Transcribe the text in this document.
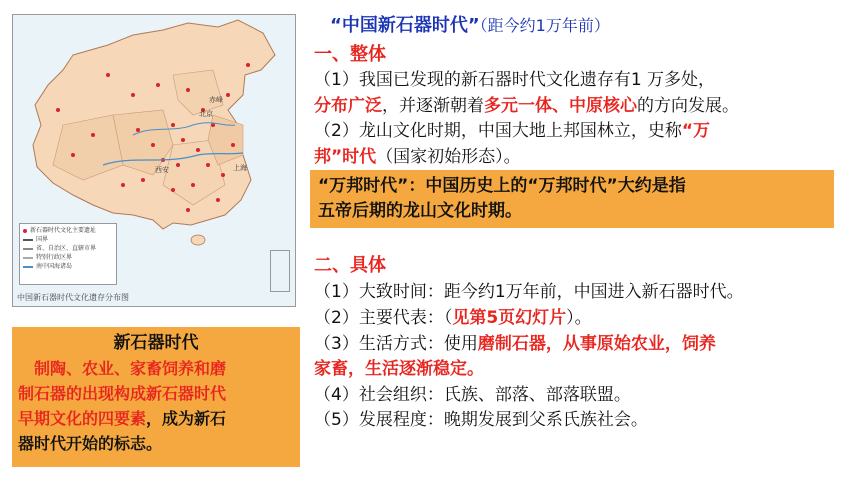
赤峰
北京
西安	上海
新石器时代文化主要遗址
国界
省、自治区、直辖市界
特别行政区界
南中国海诸岛
中国新石器时代文化遗存分布图
“中国新石器时代”（距今约1万年前）
一、整体
（1）我国已发现的新石器时代文化遗存有1 万多处，
分布广泛，并逐渐朝着多元一体、中原核心的方向发展。
（2）龙山文化时期，中国大地上邦国林立，史称“万
邦”时代（国家初始形态）。
“万邦时代”：中国历史上的“万邦时代”大约是指
五帝后期的龙山文化时期。
二、具体
（1）大致时间：距今约1万年前，中国进入新石器时代。
（2）主要代表：（见第5页幻灯片）。
（3）生活方式：使用磨制石器，从事原始农业，饲养
家畜，生活逐渐稳定。
（4）社会组织：氏族、部落、部落联盟。
（5）发展程度：晚期发展到父系氏族社会。
新石器时代
制陶、农业、家畜饲养和磨
制石器的出现构成新石器时代
早期文化的四要素，成为新石
器时代开始的标志。
